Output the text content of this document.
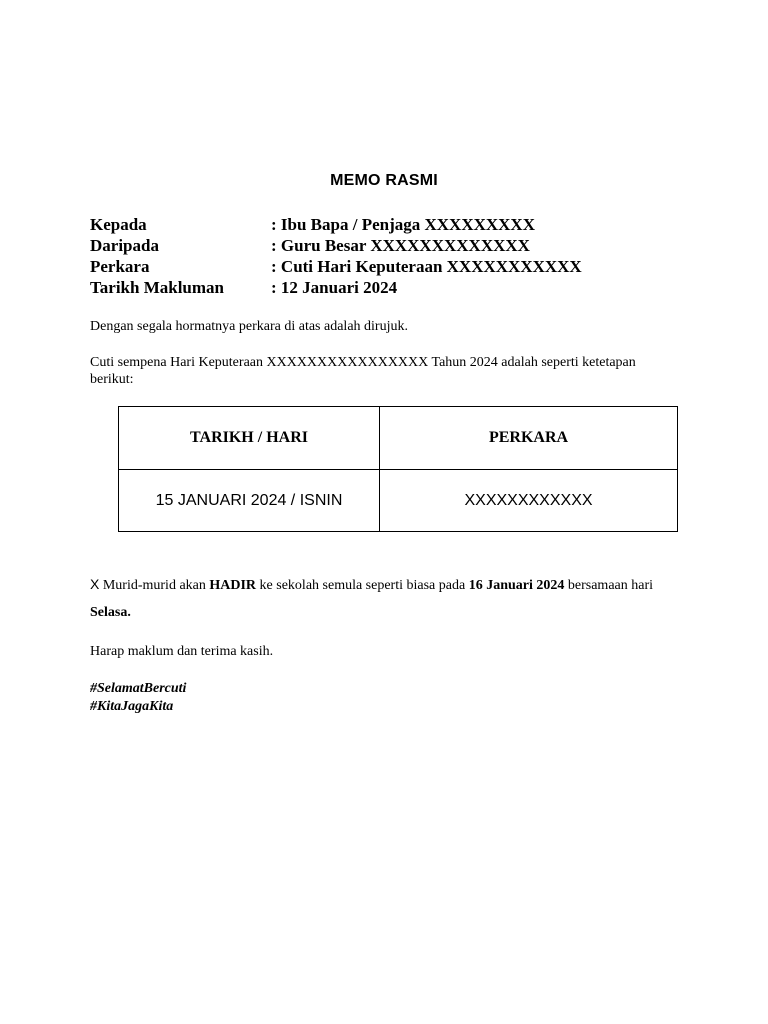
MEMO RASMI
Kepada	: Ibu Bapa / Penjaga XXXXXXXXX
Daripada	: Guru Besar XXXXXXXXXXXXX
Perkara	: Cuti Hari Keputeraan XXXXXXXXXXX
Tarikh Makluman	: 12 Januari 2024
Dengan segala hormatnya perkara di atas adalah dirujuk.
Cuti sempena Hari Keputeraan XXXXXXXXXXXXXXXX Tahun 2024 adalah seperti ketetapan berikut:
TARIKH / HARI	PERKARA
15 JANUARI 2024 / ISNIN	XXXXXXXXXXXX
X Murid-murid akan HADIR ke sekolah semula seperti biasa pada 16 Januari 2024 bersamaan hari Selasa.
Harap maklum dan terima kasih.
#SelamatBercuti
#KitaJagaKita
